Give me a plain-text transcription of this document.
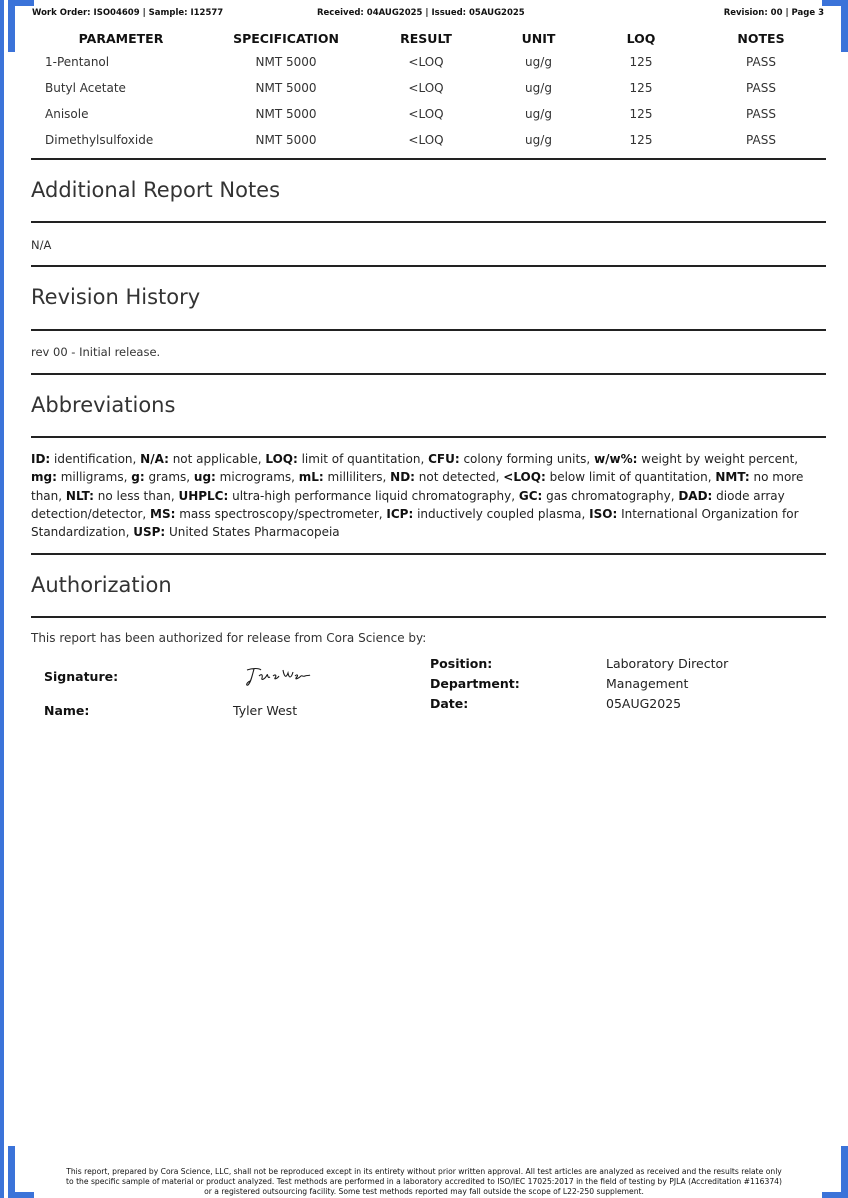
Work Order: ISO04609 | Sample: I12577	Received: 04AUG2025 | Issued: 05AUG2025	Revision: 00 | Page 3
PARAMETER	SPECIFICATION	RESULT	UNIT	LOQ	NOTES
1-Pentanol	NMT 5000	<LOQ	ug/g	125	PASS
Butyl Acetate	NMT 5000	<LOQ	ug/g	125	PASS
Anisole	NMT 5000	<LOQ	ug/g	125	PASS
Dimethylsulfoxide	NMT 5000	<LOQ	ug/g	125	PASS
Additional Report Notes
N/A
Revision History
rev 00 - Initial release.
Abbreviations
ID: identification, N/A: not applicable, LOQ: limit of quantitation, CFU: colony forming units, w/w%: weight by weight percent, mg: milligrams, g: grams, ug: micrograms, mL: milliliters, ND: not detected, <LOQ: below limit of quantitation, NMT: no more than, NLT: no less than, UHPLC: ultra-high performance liquid chromatography, GC: gas chromatography, DAD: diode array detection/detector, MS: mass spectroscopy/spectrometer, ICP: inductively coupled plasma, ISO: International Organization for Standardization, USP: United States Pharmacopeia
Authorization
This report has been authorized for release from Cora Science by:
Signature:
Name:	Tyler West
Position:	Laboratory Director
Department:	Management
Date:	05AUG2025
This report, prepared by Cora Science, LLC, shall not be reproduced except in its entirety without prior written approval. All test articles are analyzed as received and the results relate only
to the specific sample of material or product analyzed. Test methods are performed in a laboratory accredited to ISO/IEC 17025:2017 in the field of testing by PJLA (Accreditation #116374)
or a registered outsourcing facility. Some test methods reported may fall outside the scope of L22-250 supplement.
